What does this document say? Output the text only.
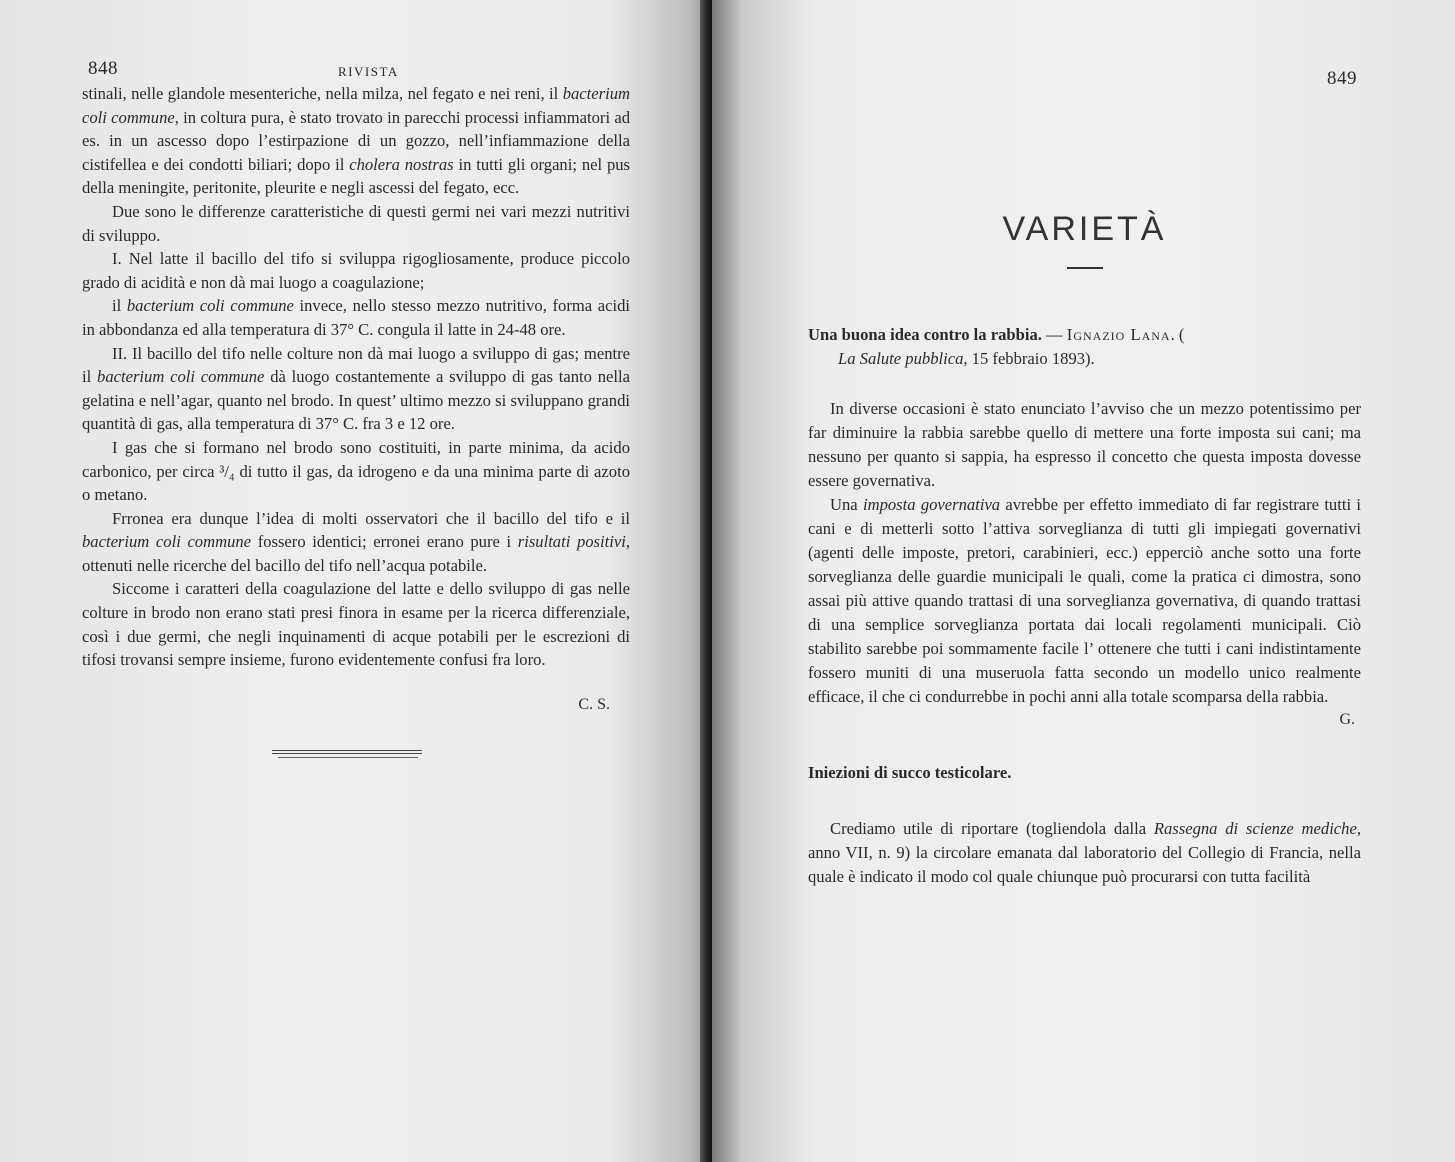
848	RIVISTA

stinali, nelle glandole mesenteriche, nella milza, nel fegato e nei reni, il bacterium coli commune, in coltura pura, è stato trovato in parecchi processi infiammatori ad es. in un ascesso dopo l’estirpazione di un gozzo, nell’infiammazione della cistifellea e dei condotti biliari; dopo il cholera nostras in tutti gli organi; nel pus della meningite, peritonite, pleurite e negli ascessi del fegato, ecc.

Due sono le differenze caratteristiche di questi germi nei vari mezzi nutritivi di sviluppo.

I. Nel latte il bacillo del tifo si sviluppa rigogliosamente, produce piccolo grado di acidità e non dà mai luogo a coagulazione;

il bacterium coli commune invece, nello stesso mezzo nutritivo, forma acidi in abbondanza ed alla temperatura di 37° C. congula il latte in 24-48 ore.

II. Il bacillo del tifo nelle colture non dà mai luogo a sviluppo di gas; mentre il bacterium coli commune dà luogo costantemente a sviluppo di gas tanto nella gelatina e nell’agar, quanto nel brodo. In quest’ ultimo mezzo si sviluppano grandi quantità di gas, alla temperatura di 37° C. fra 3 e 12 ore.

I gas che si formano nel brodo sono costituiti, in parte minima, da acido carbonico, per circa ³/₄ di tutto il gas, da idrogeno e da una minima parte di azoto o metano.

Frronea era dunque l’idea di molti osservatori che il bacillo del tifo e il bacterium coli commune fossero identici; erronei erano pure i risultati positivi, ottenuti nelle ricerche del bacillo del tifo nell’acqua potabile.

Siccome i caratteri della coagulazione del latte e dello sviluppo di gas nelle colture in brodo non erano stati presi finora in esame per la ricerca differenziale, così i due germi, che negli inquinamenti di acque potabili per le escrezioni di tifosi trovansi sempre insieme, furono evidentemente confusi fra loro.

C. S.
849
VARIETÀ
Una buona idea contro la rabbia. — Ignazio Lana. (
La Salute pubblica, 15 febbraio 1893).

In diverse occasioni è stato enunciato l’avviso che un mezzo potentissimo per far diminuire la rabbia sarebbe quello di mettere una forte imposta sui cani; ma nessuno per quanto si sappia, ha espresso il concetto che questa imposta dovesse essere governativa.

Una imposta governativa avrebbe per effetto immediato di far registrare tutti i cani e di metterli sotto l’attiva sorveglianza di tutti gli impiegati governativi (agenti delle imposte, pretori, carabinieri, ecc.) epperciò anche sotto una forte sorveglianza delle guardie municipali le quali, come la pratica ci dimostra, sono assai più attive quando trattasi di una sorveglianza governativa, di quando trattasi di una semplice sorveglianza portata dai locali regolamenti municipali. Ciò stabilito sarebbe poi sommamente facile l’ ottenere che tutti i cani indistintamente fossero muniti di una museruola fatta secondo un modello unico realmente efficace, il che ci condurrebbe in pochi anni alla totale scomparsa della rabbia.

G.
Iniezioni di succo testicolare.

Crediamo utile di riportare (togliendola dalla Rassegna di scienze mediche, anno VII, n. 9) la circolare emanata dal laboratorio del Collegio di Francia, nella quale è indicato il modo col quale chiunque può procurarsi con tutta facilità
